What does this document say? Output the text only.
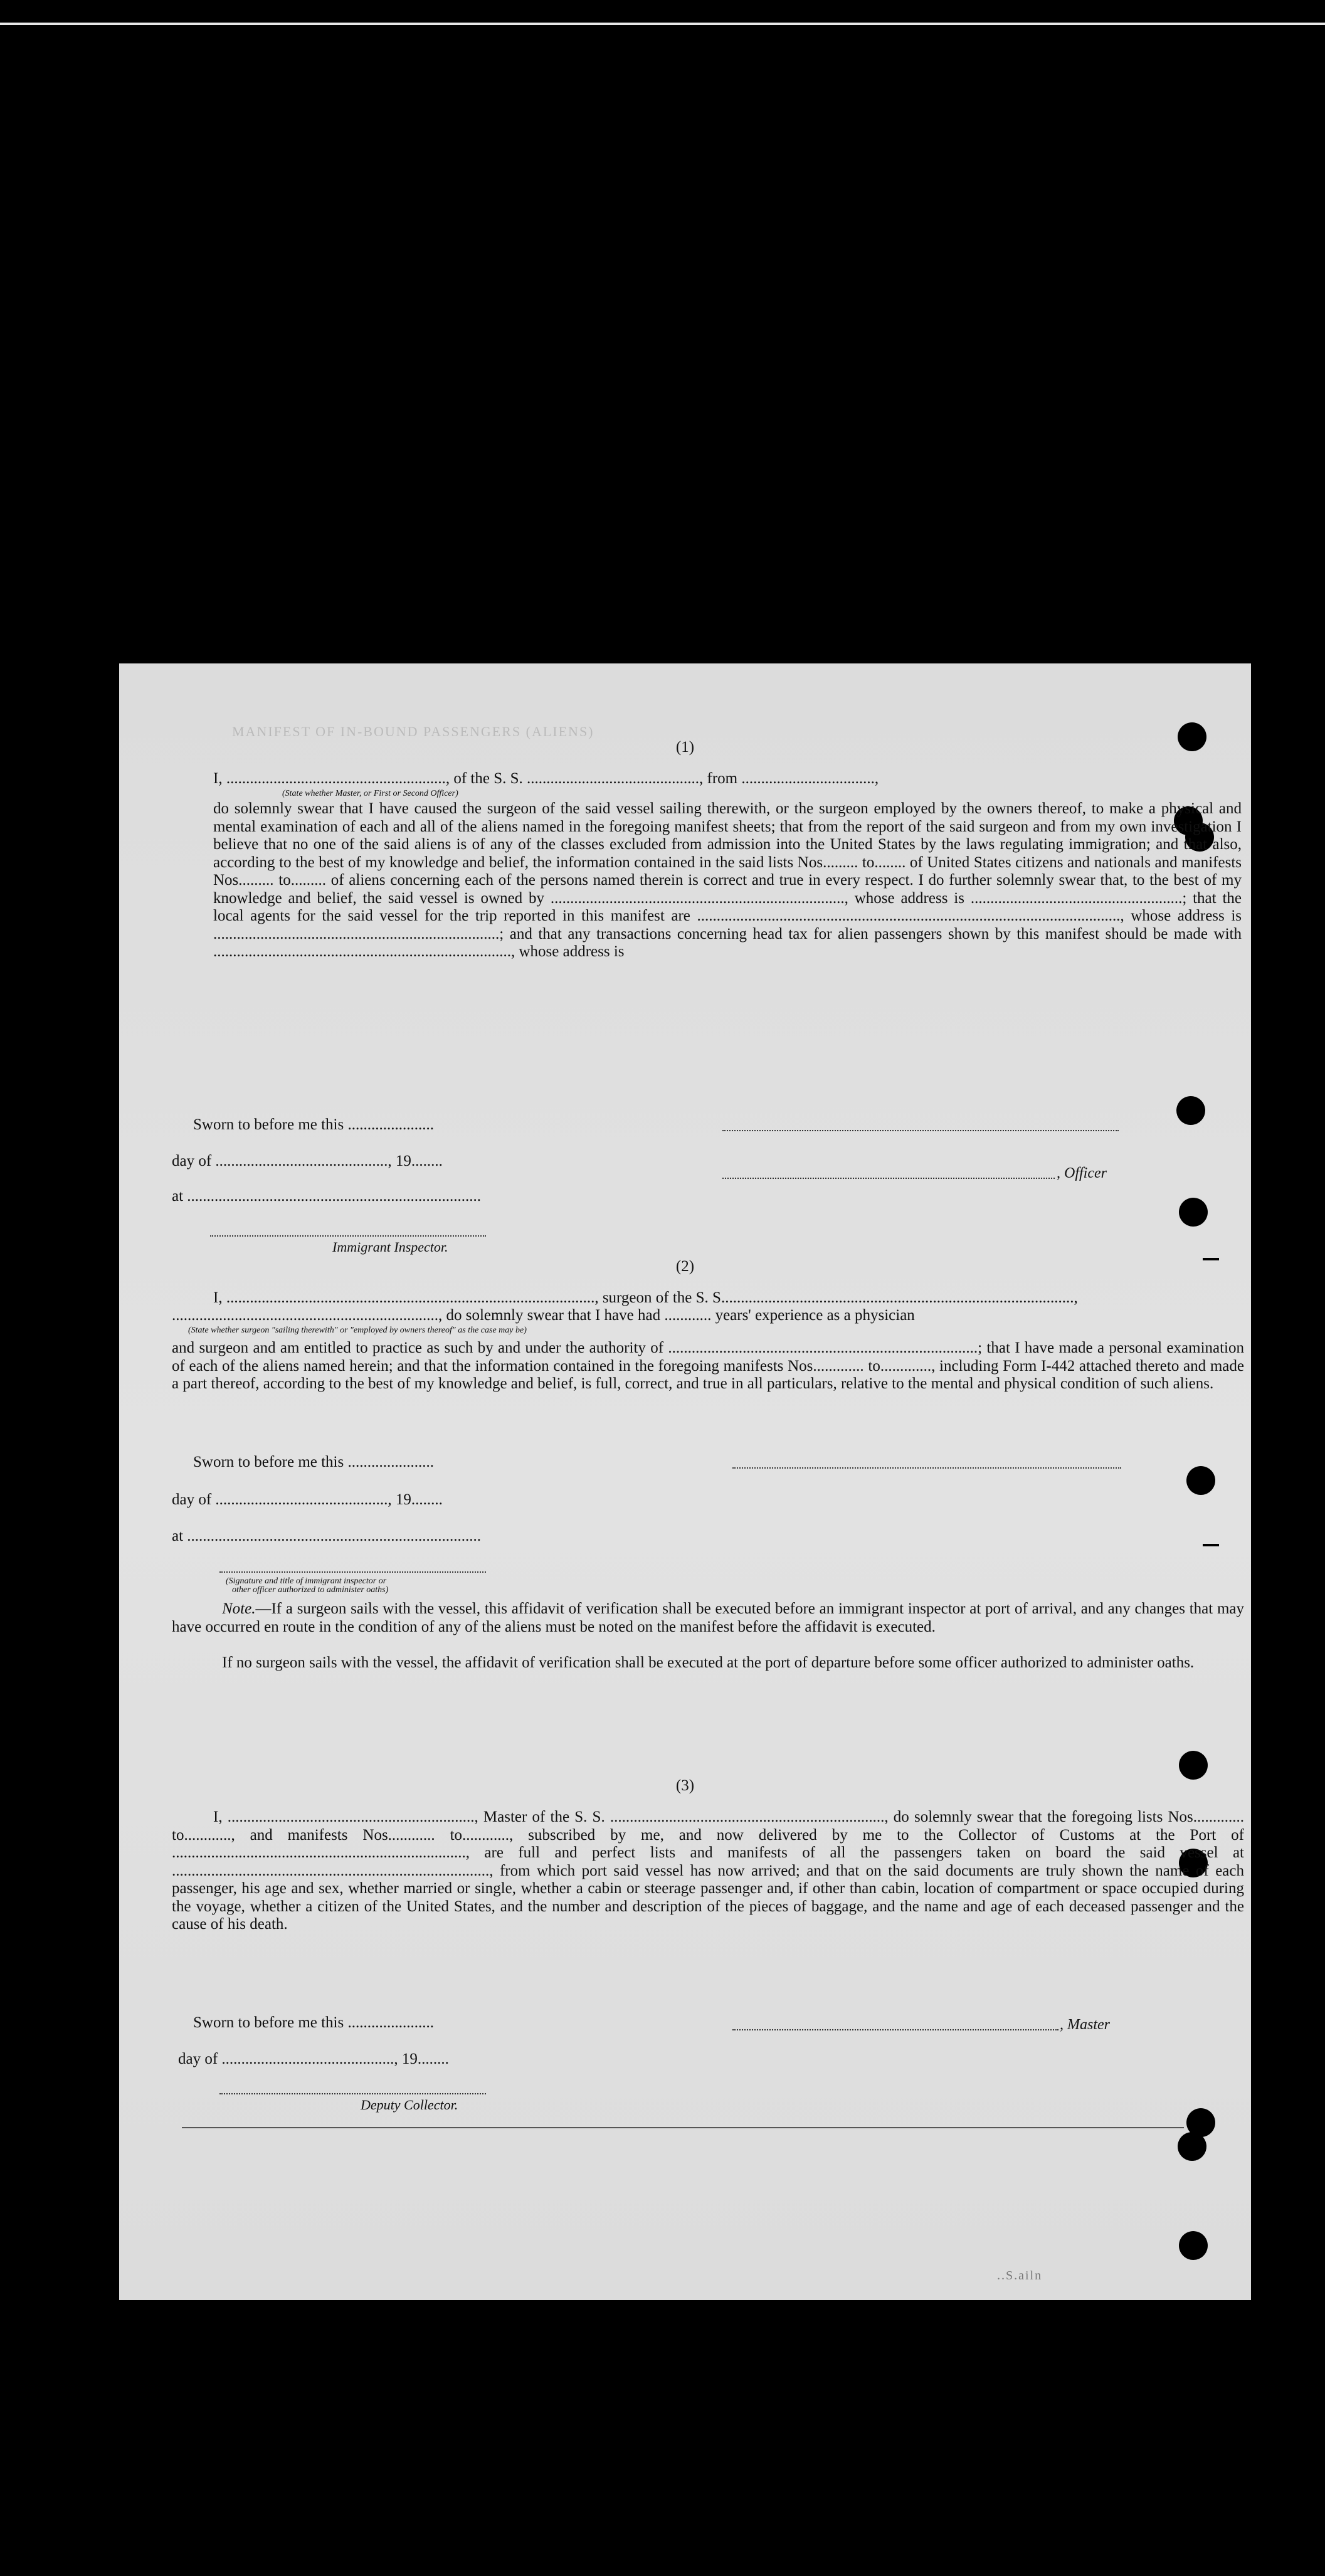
MANIFEST OF IN-BOUND PASSENGERS (ALIENS)
(1)
I, ........................................................, of the S. S. ............................................, from ..................................,
(State whether Master, or First or Second Officer)
do solemnly swear that I have caused the surgeon of the said vessel sailing therewith, or the surgeon employed by the owners thereof, to make a physical and mental examination of each and all of the aliens named in the foregoing manifest sheets; that from the report of the said surgeon and from my own investigation I believe that no one of the said aliens is of any of the classes excluded from admission into the United States by the laws regulating immigration; and that also, according to the best of my knowledge and belief, the information contained in the said lists Nos......... to........ of United States citizens and nationals and manifests Nos......... to......... of aliens concerning each of the persons named therein is correct and true in every respect. I do further solemnly swear that, to the best of my knowledge and belief, the said vessel is owned by ..........................................................................., whose address is ......................................................; that the local agents for the said vessel for the trip reported in this manifest are ............................................................................................................, whose address is .........................................................................; and that any transactions concerning head tax for alien passengers shown by this manifest should be made with ............................................................................, whose address is
Sworn to before me this ......................
day of ............................................, 19........
, Officer
at ...........................................................................
Immigrant Inspector.
(2)
I, .............................................................................................., surgeon of the S. S..........................................................................................,
...................................................................., do solemnly swear that I have had ............ years' experience as a physician
(State whether surgeon "sailing therewith" or "employed by owners thereof" as the case may be)
and surgeon and am entitled to practice as such by and under the authority of ...............................................................................; that I have made a personal examination of each of the aliens named herein; and that the information contained in the foregoing manifests Nos............. to............., including Form I-442 attached thereto and made a part thereof, according to the best of my knowledge and belief, is full, correct, and true in all particulars, relative to the mental and physical condition of such aliens.
Sworn to before me this ......................
day of ............................................, 19........
at ...........................................................................
(Signature and title of immigrant inspector or
other officer authorized to administer oaths)
Note.—If a surgeon sails with the vessel, this affidavit of verification shall be executed before an immigrant inspector at port of arrival, and any changes that may have occurred en route in the condition of any of the aliens must be noted on the manifest before the affidavit is executed.
If no surgeon sails with the vessel, the affidavit of verification shall be executed at the port of departure before some officer authorized to administer oaths.
(3)
I, ..............................................................., Master of the S. S. ......................................................................, do solemnly swear that the foregoing lists Nos............. to............, and manifests Nos............ to............, subscribed by me, and now delivered by me to the Collector of Customs at the Port of ..........................................................................., are full and perfect lists and manifests of all the passengers taken on board the said vessel at ................................................................................., from which port said vessel has now arrived; and that on the said documents are truly shown the name of each passenger, his age and sex, whether married or single, whether a cabin or steerage passenger and, if other than cabin, location of compartment or space occupied during the voyage, whether a citizen of the United States, and the number and description of the pieces of baggage, and the name and age of each deceased passenger and the cause of his death.
Sworn to before me this ......................	, Master
day of ............................................, 19........
Deputy Collector.
..S.ailn
